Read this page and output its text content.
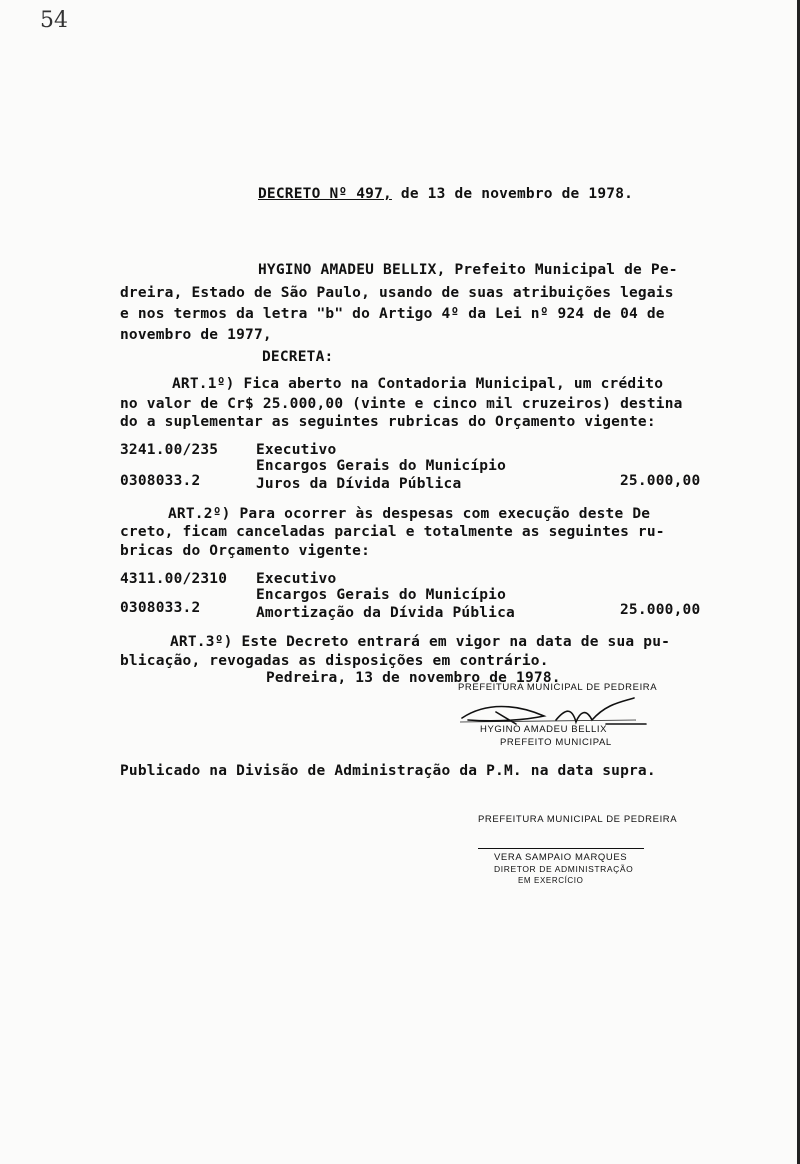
54
DECRETO Nº 497, de 13 de novembro de 1978.
HYGINO AMADEU BELLIX, Prefeito Municipal de Pe-
dreira, Estado de São Paulo, usando de suas atribuições legais
e nos termos da letra "b" do Artigo 4º da Lei nº 924 de 04 de
novembro de 1977,
DECRETA:
ART.1º) Fica aberto na Contadoria Municipal, um crédito
no valor de Cr$ 25.000,00 (vinte e cinco mil cruzeiros) destina
do a suplementar as seguintes rubricas do Orçamento vigente:
3241.00/235	Executivo
Encargos Gerais do Município
0308033.2	Juros da Dívida Pública	25.000,00
ART.2º) Para ocorrer às despesas com execução deste De
creto, ficam canceladas parcial e totalmente as seguintes ru-
bricas do Orçamento vigente:
4311.00/2310 Executivo
Encargos Gerais do Município
0308033.2	Amortização da Dívida Pública	25.000,00
ART.3º) Este Decreto entrará em vigor na data de sua pu-
blicação, revogadas as disposições em contrário.
Pedreira, 13 de novembro de 1978.
PREFEITURA MUNICIPAL DE PEDREIRA
HYGINO AMADEU BELLIX
PREFEITO MUNICIPAL
Publicado na Divisão de Administração da P.M. na data supra.
PREFEITURA MUNICIPAL DE PEDREIRA
VERA SAMPAIO MARQUES
DIRETOR DE ADMINISTRAÇÃO
EM EXERCÍCIO
